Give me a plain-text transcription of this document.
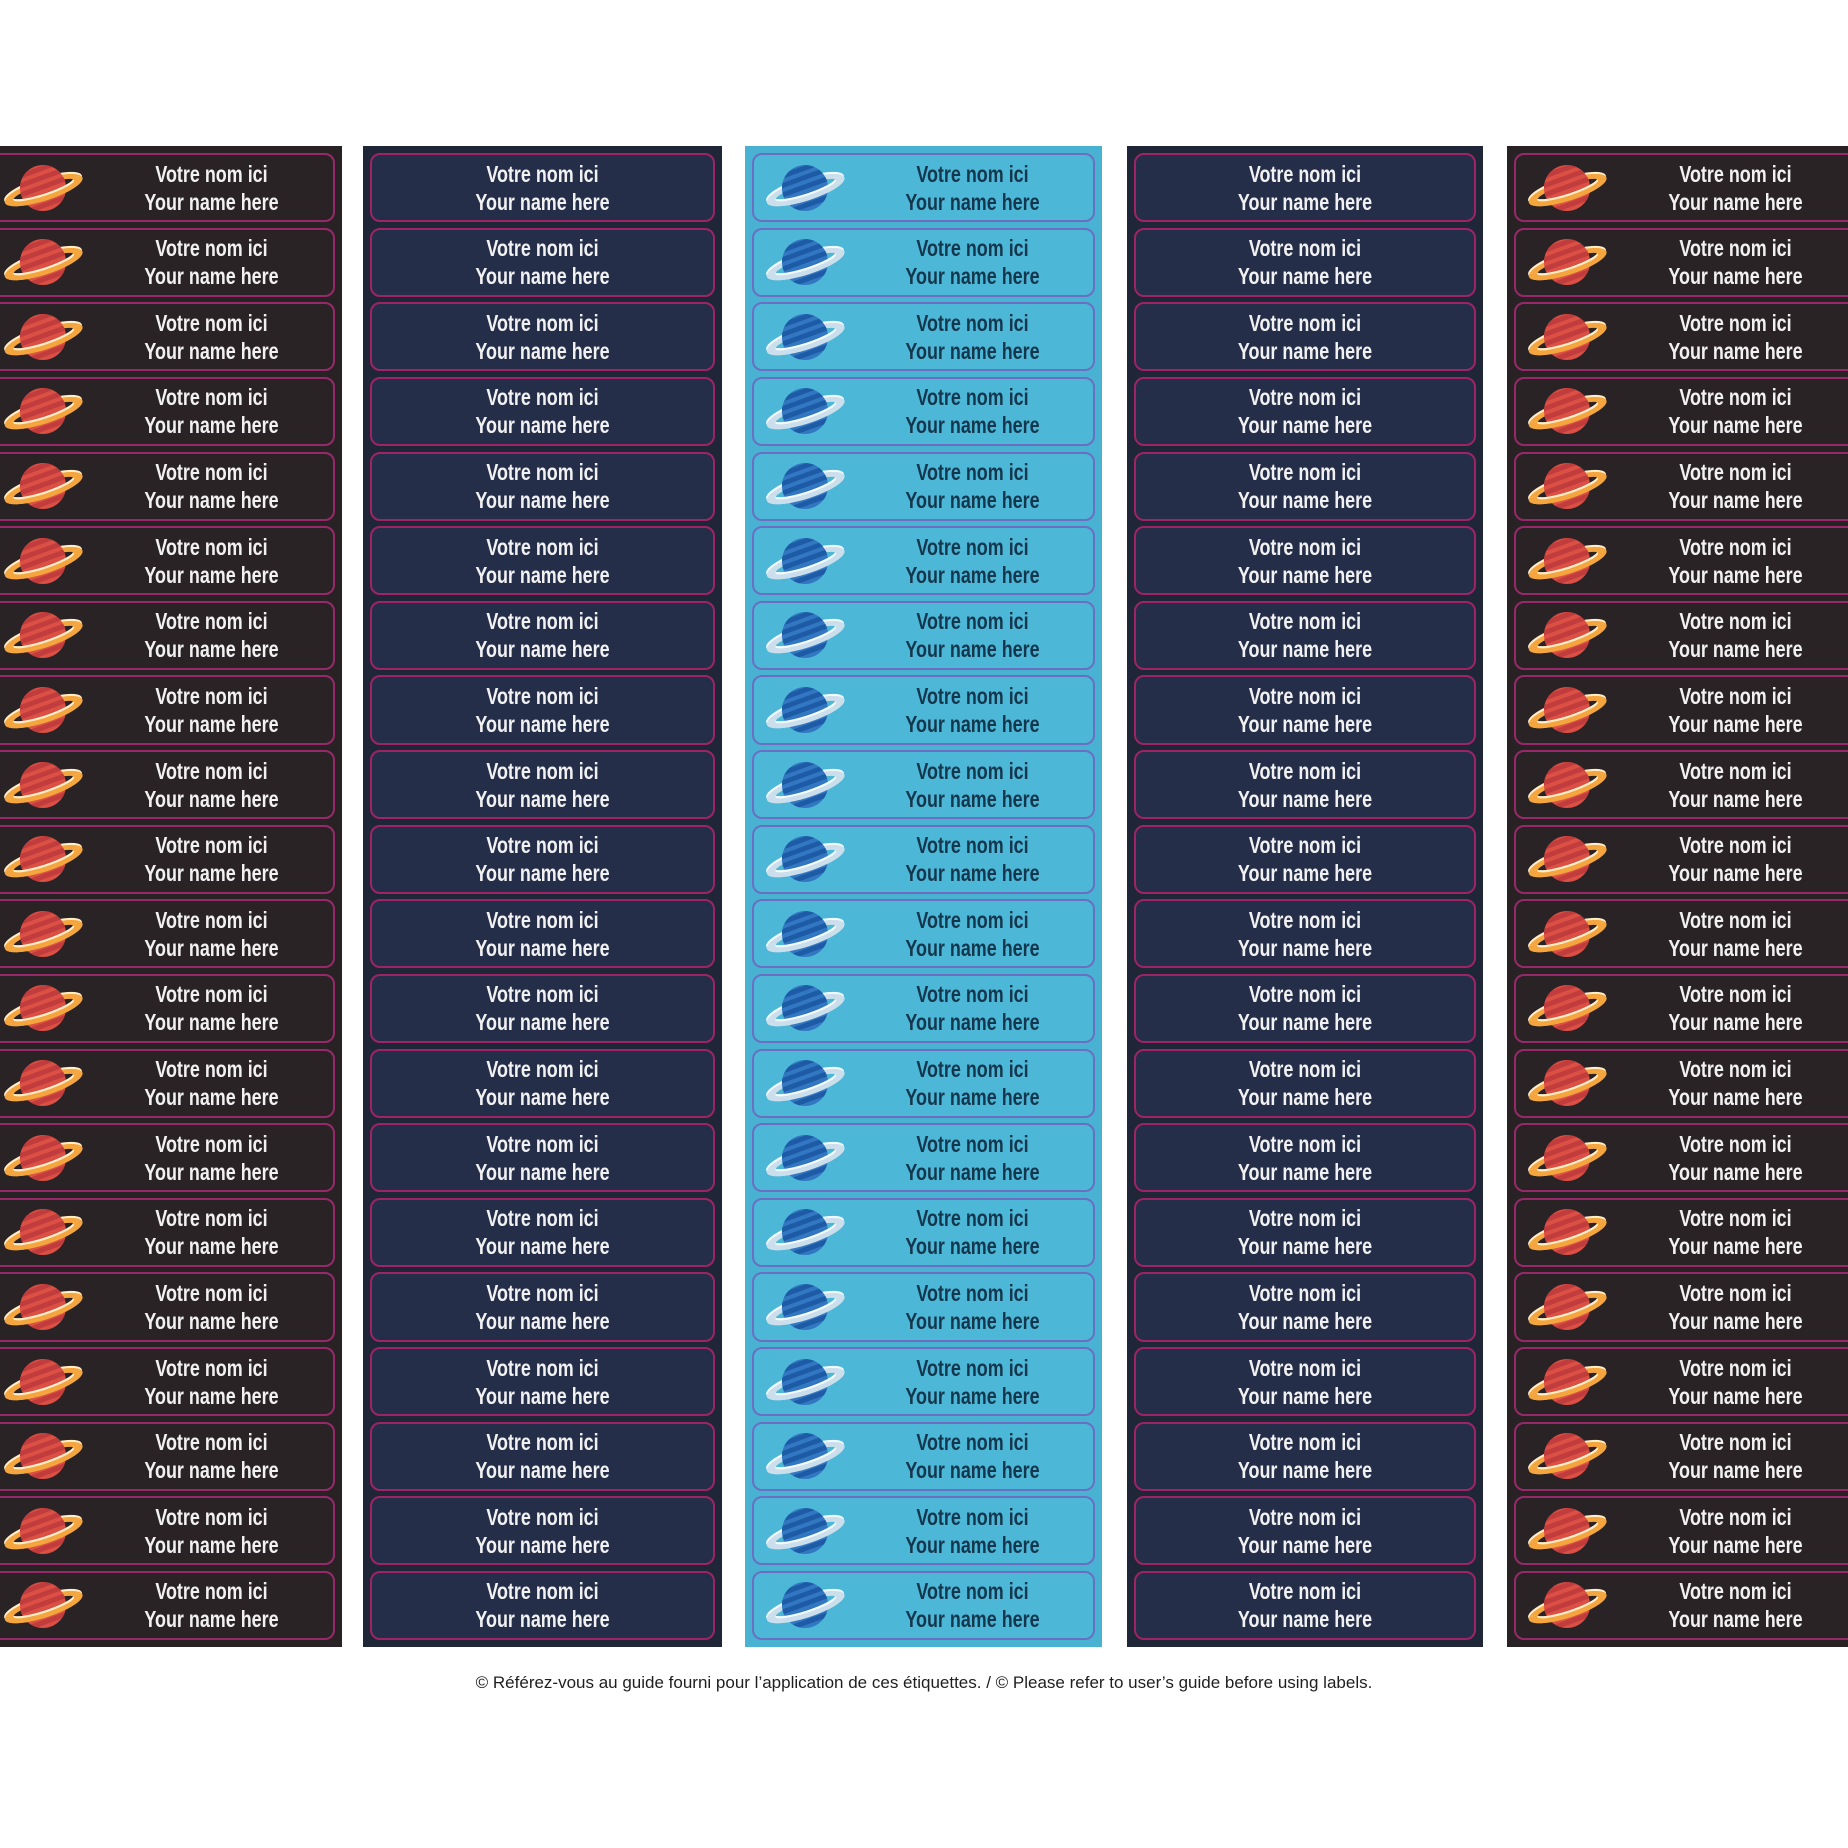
© Référez-vous au guide fourni pour l’application de ces étiquettes. / © Please refer to user’s guide before using labels.
Votre nom ici
Your name here
Votre nom ici
Your name here
Votre nom ici
Your name here
Votre nom ici
Your name here
Votre nom ici
Your name here
Votre nom ici
Your name here
Votre nom ici
Your name here
Votre nom ici
Your name here
Votre nom ici
Your name here
Votre nom ici
Your name here
Votre nom ici
Your name here
Votre nom ici
Your name here
Votre nom ici
Your name here
Votre nom ici
Your name here
Votre nom ici
Your name here
Votre nom ici
Your name here
Votre nom ici
Your name here
Votre nom ici
Your name here
Votre nom ici
Your name here
Votre nom ici
Your name here
Votre nom ici
Your name here
Votre nom ici
Your name here
Votre nom ici
Your name here
Votre nom ici
Your name here
Votre nom ici
Your name here
Votre nom ici
Your name here
Votre nom ici
Your name here
Votre nom ici
Your name here
Votre nom ici
Your name here
Votre nom ici
Your name here
Votre nom ici
Your name here
Votre nom ici
Your name here
Votre nom ici
Your name here
Votre nom ici
Your name here
Votre nom ici
Your name here
Votre nom ici
Your name here
Votre nom ici
Your name here
Votre nom ici
Your name here
Votre nom ici
Your name here
Votre nom ici
Your name here
Votre nom ici
Your name here
Votre nom ici
Your name here
Votre nom ici
Your name here
Votre nom ici
Your name here
Votre nom ici
Your name here
Votre nom ici
Your name here
Votre nom ici
Your name here
Votre nom ici
Your name here
Votre nom ici
Your name here
Votre nom ici
Your name here
Votre nom ici
Your name here
Votre nom ici
Your name here
Votre nom ici
Your name here
Votre nom ici
Your name here
Votre nom ici
Your name here
Votre nom ici
Your name here
Votre nom ici
Your name here
Votre nom ici
Your name here
Votre nom ici
Your name here
Votre nom ici
Your name here
Votre nom ici
Your name here
Votre nom ici
Your name here
Votre nom ici
Your name here
Votre nom ici
Your name here
Votre nom ici
Your name here
Votre nom ici
Your name here
Votre nom ici
Your name here
Votre nom ici
Your name here
Votre nom ici
Your name here
Votre nom ici
Your name here
Votre nom ici
Your name here
Votre nom ici
Your name here
Votre nom ici
Your name here
Votre nom ici
Your name here
Votre nom ici
Your name here
Votre nom ici
Your name here
Votre nom ici
Your name here
Votre nom ici
Your name here
Votre nom ici
Your name here
Votre nom ici
Your name here
Votre nom ici
Your name here
Votre nom ici
Your name here
Votre nom ici
Your name here
Votre nom ici
Your name here
Votre nom ici
Your name here
Votre nom ici
Your name here
Votre nom ici
Your name here
Votre nom ici
Your name here
Votre nom ici
Your name here
Votre nom ici
Your name here
Votre nom ici
Your name here
Votre nom ici
Your name here
Votre nom ici
Your name here
Votre nom ici
Your name here
Votre nom ici
Your name here
Votre nom ici
Your name here
Votre nom ici
Your name here
Votre nom ici
Your name here
Votre nom ici
Your name here
Votre nom ici
Your name here
